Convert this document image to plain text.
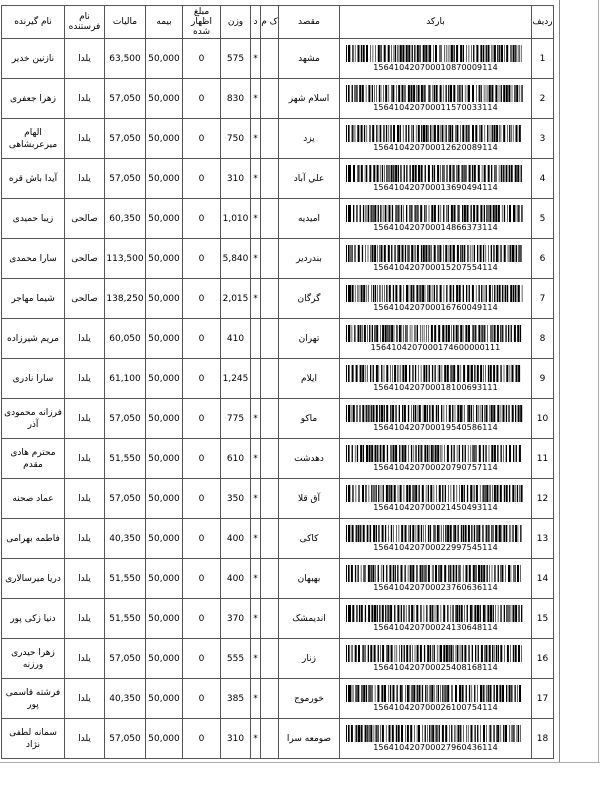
نام گیرنده	نام فرستنده	مالیات	بیمه	مبلغ اظهار شده	وزن	د	ک م	مقصد	بارکد	ردیف
نازنین خدیر	یلدا	63,500	50,000	0	575	*		مشهد	156410420700010870009114	1
زهرا جعفری	یلدا	57,050	50,000	0	830	*		اسلام شهر	156410420700011570033114	2
الهام میرعربشاهی	یلدا	57,050	50,000	0	750	*		یزد	156410420700012620089114	3
آیدا باش قره	یلدا	57,050	50,000	0	310	*		علي آباد	156410420700013690494114	4
زیبا حمیدی	صالحی	60,350	50,000	0	1,010	*		امیدیه	156410420700014866373114	5
سارا محمدی	صالحی	113,500	50,000	0	5,840	*		بندردیر	156410420700015207554114	6
شیما مهاجر	صالحی	138,250	50,000	0	2,015	*		گرگان	156410420700016760049114	7
مریم شیرزاده	یلدا	60,050	50,000	0	410			تهران	1564104207000174600000111	8
سارا نادری	یلدا	61,100	50,000	0	1,245			ایلام	156410420700018100693111	9
فرزانه محمودی آذر	یلدا	57,050	50,000	0	775	*		ماکو	156410420700019540586114	10
محترم هادی مقدم	یلدا	51,550	50,000	0	610	*		دهدشت	156410420700020790757114	11
عماد صحنه	یلدا	57,050	50,000	0	350	*		آق قلا	156410420700021450493114	12
فاطمه بهرامی	یلدا	40,350	50,000	0	400	*		کاکی	156410420700022997545114	13
دریا میرسالاری	یلدا	51,550	50,000	0	400	*		بهبهان	156410420700023760636114	14
دنیا زکی پور	یلدا	51,550	50,000	0	370	*		اندیمشک	156410420700024130648114	15
زهرا حیدری ورزنه	یلدا	57,050	50,000	0	555	*		زنار	156410420700025408168114	16
فرشته قاسمی پور	یلدا	40,350	50,000	0	385	*		خورموج	156410420700026100754114	17
سمانه لطفی نژاد	یلدا	57,050	50,000	0	310	*		صومعه سرا	156410420700027960436114	18
